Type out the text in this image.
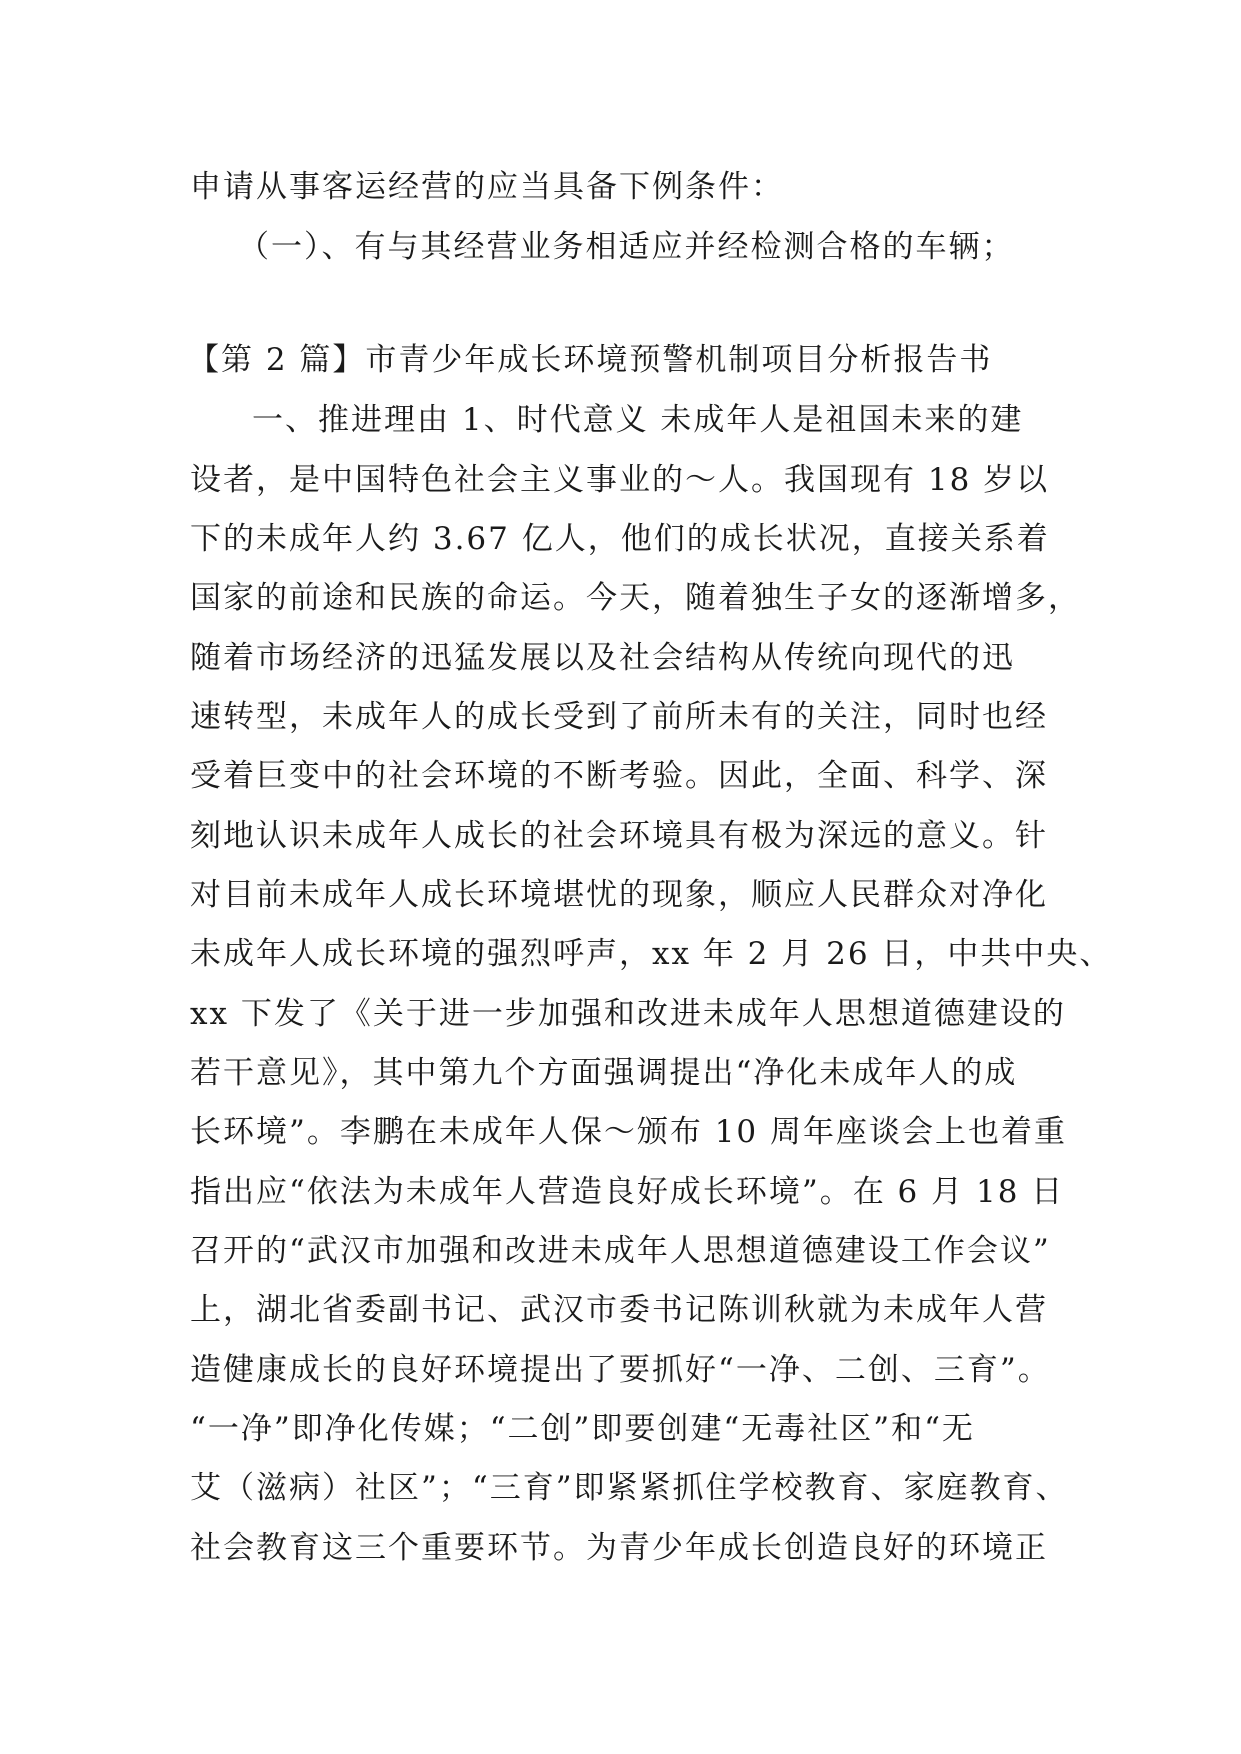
申请从事客运经营的应当具备下例条件：
（一）、有与其经营业务相适应并经检测合格的车辆；
【第 2 篇】市青少年成长环境预警机制项目分析报告书
一、推进理由 1、时代意义 未成年人是祖国未来的建
设者，是中国特色社会主义事业的～人。我国现有 18 岁以
下的未成年人约 3.67 亿人，他们的成长状况，直接关系着
国家的前途和民族的命运。今天，随着独生子女的逐渐增多，
随着市场经济的迅猛发展以及社会结构从传统向现代的迅
速转型，未成年人的成长受到了前所未有的关注，同时也经
受着巨变中的社会环境的不断考验。因此，全面、科学、深
刻地认识未成年人成长的社会环境具有极为深远的意义。针
对目前未成年人成长环境堪忧的现象，顺应人民群众对净化
未成年人成长环境的强烈呼声，xx 年 2 月 26 日，中共中央、
xx 下发了《关于进一步加强和改进未成年人思想道德建设的
若干意见》，其中第九个方面强调提出“净化未成年人的成
长环境”。李鹏在未成年人保～颁布 10 周年座谈会上也着重
指出应“依法为未成年人营造良好成长环境”。在 6 月 18 日
召开的“武汉市加强和改进未成年人思想道德建设工作会议”
上，湖北省委副书记、武汉市委书记陈训秋就为未成年人营
造健康成长的良好环境提出了要抓好“一净、二创、三育”。
“一净”即净化传媒；“二创”即要创建“无毒社区”和“无
艾（滋病）社区”；“三育”即紧紧抓住学校教育、家庭教育、
社会教育这三个重要环节。为青少年成长创造良好的环境正
